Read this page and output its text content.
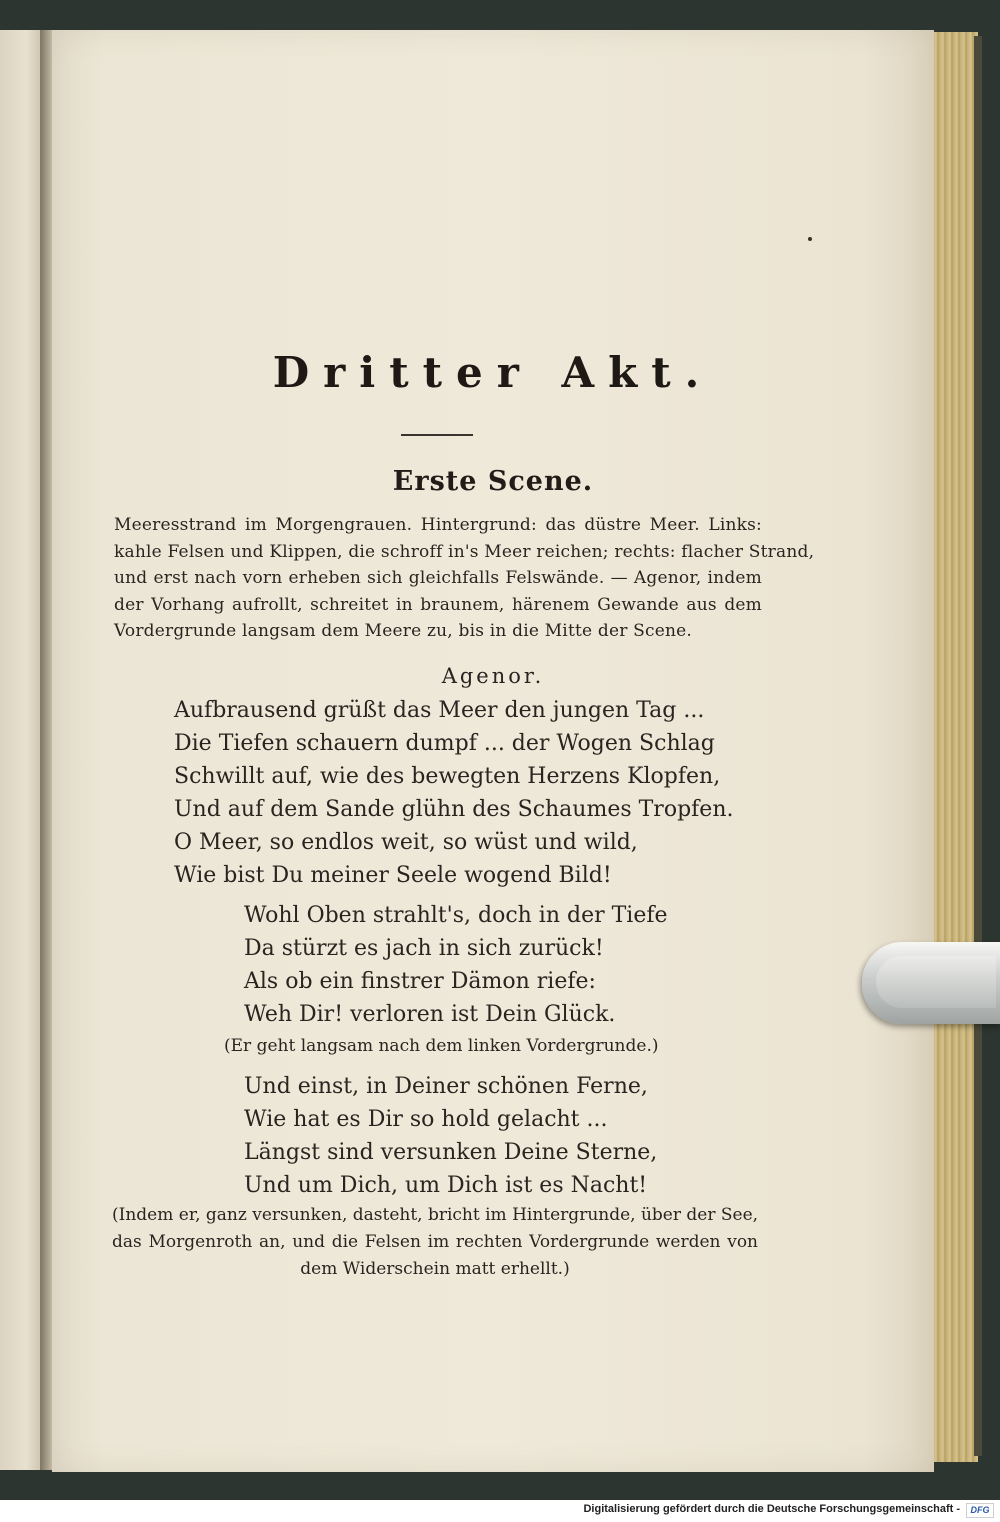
Dritter Akt.
Erste Scene.
Meeresstrand im Morgengrauen. Hintergrund: das düstre Meer. Links:
kahle Felsen und Klippen, die schroff in's Meer reichen; rechts: flacher Strand,
und erst nach vorn erheben sich gleichfalls Felswände. — Agenor, indem
der Vorhang aufrollt, schreitet in braunem, härenem Gewande aus dem
Vordergrunde langsam dem Meere zu, bis in die Mitte der Scene.
Agenor.
Aufbrausend grüßt das Meer den jungen Tag ...
Die Tiefen schauern dumpf ... der Wogen Schlag
Schwillt auf, wie des bewegten Herzens Klopfen,
Und auf dem Sande glühn des Schaumes Tropfen.
O Meer, so endlos weit, so wüst und wild,
Wie bist Du meiner Seele wogend Bild!
Wohl Oben strahlt's, doch in der Tiefe
Da stürzt es jach in sich zurück!
Als ob ein finstrer Dämon riefe:
Weh Dir! verloren ist Dein Glück.
(Er geht langsam nach dem linken Vordergrunde.)
Und einst, in Deiner schönen Ferne,
Wie hat es Dir so hold gelacht ...
Längst sind versunken Deine Sterne,
Und um Dich, um Dich ist es Nacht!
(Indem er, ganz versunken, dasteht, bricht im Hintergrunde, über der See,
das Morgenroth an, und die Felsen im rechten Vordergrunde werden von
dem Widerschein matt erhellt.)
Digitalisierung gefördert durch die Deutsche Forschungsgemeinschaft -	DFG
